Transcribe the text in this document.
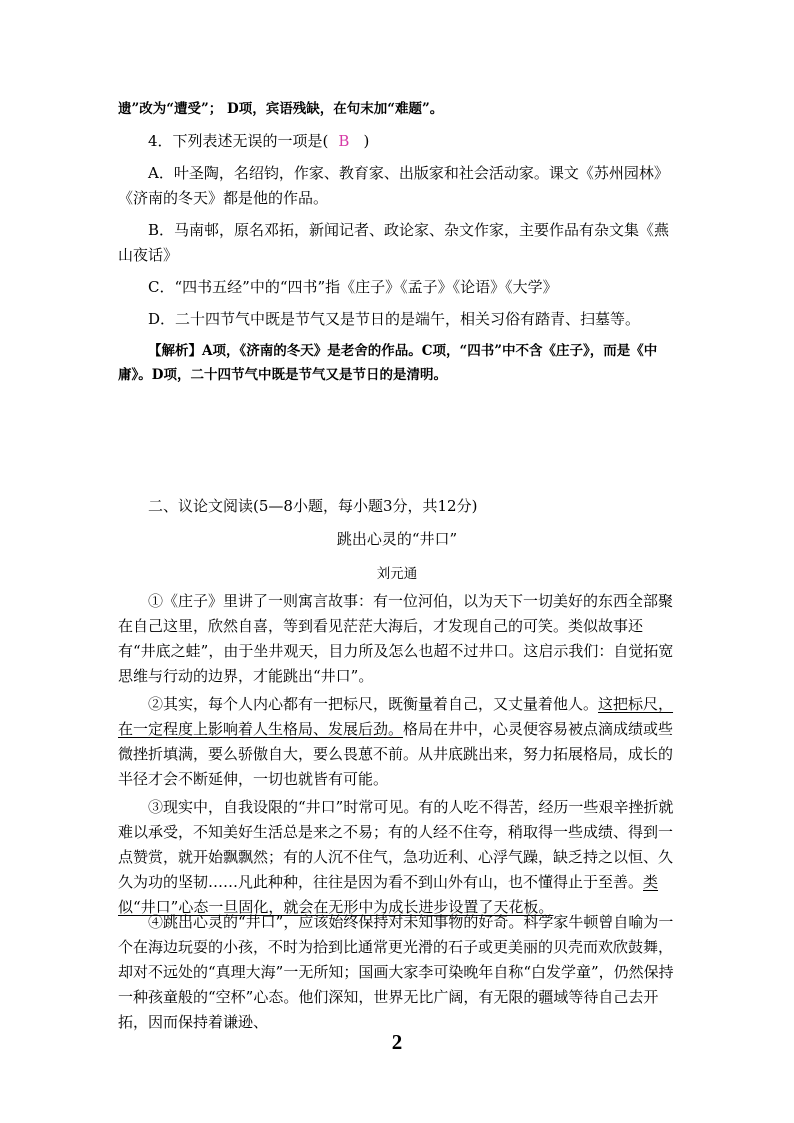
遗”改为“遭受”； D项，宾语残缺，在句末加“难题”。

4．下列表述无误的一项是( B )

A．叶圣陶，名绍钧，作家、教育家、出版家和社会活动家。课文《苏州园林》《济南的冬天》都是他的作品。

B．马南邨，原名邓拓，新闻记者、政论家、杂文作家，主要作品有杂文集《燕山夜话》

C．“四书五经”中的“四书”指《庄子》《孟子》《论语》《大学》

D．二十四节气中既是节气又是节日的是端午，相关习俗有踏青、扫墓等。

【解析】A项，《济南的冬天》是老舍的作品。C项，“四书”中不含《庄子》，而是《中庸》。D项，二十四节气中既是节气又是节日的是清明。

二、议论文阅读(5—8小题，每小题3分，共12分)

跳出心灵的“井口”

刘元通

①《庄子》里讲了一则寓言故事：有一位河伯，以为天下一切美好的东西全部聚在自己这里，欣然自喜，等到看见茫茫大海后，才发现自己的可笑。类似故事还有“井底之蛙”，由于坐井观天，目力所及怎么也超不过井口。这启示我们：自觉拓宽思维与行动的边界，才能跳出“井口”。

②其实，每个人内心都有一把标尺，既衡量着自己，又丈量着他人。这把标尺，在一定程度上影响着人生格局、发展后劲。格局在井中，心灵便容易被点滴成绩或些微挫折填满，要么骄傲自大，要么畏葸不前。从井底跳出来，努力拓展格局，成长的半径才会不断延伸，一切也就皆有可能。

③现实中，自我设限的“井口”时常可见。有的人吃不得苦，经历一些艰辛挫折就难以承受，不知美好生活总是来之不易；有的人经不住夸，稍取得一些成绩、得到一点赞赏，就开始飘飘然；有的人沉不住气，急功近利、心浮气躁，缺乏持之以恒、久久为功的坚韧……凡此种种，往往是因为看不到山外有山，也不懂得止于至善。类似“井口”心态一旦固化，就会在无形中为成长进步设置了天花板。

④跳出心灵的“井口”，应该始终保持对未知事物的好奇。科学家牛顿曾自喻为一个在海边玩耍的小孩，不时为拾到比通常更光滑的石子或更美丽的贝壳而欢欣鼓舞，却对不远处的“真理大海”一无所知；国画大家李可染晚年自称“白发学童”，仍然保持一种孩童般的“空杯”心态。他们深知，世界无比广阔，有无限的疆域等待自己去开拓，因而保持着谦逊、

2
